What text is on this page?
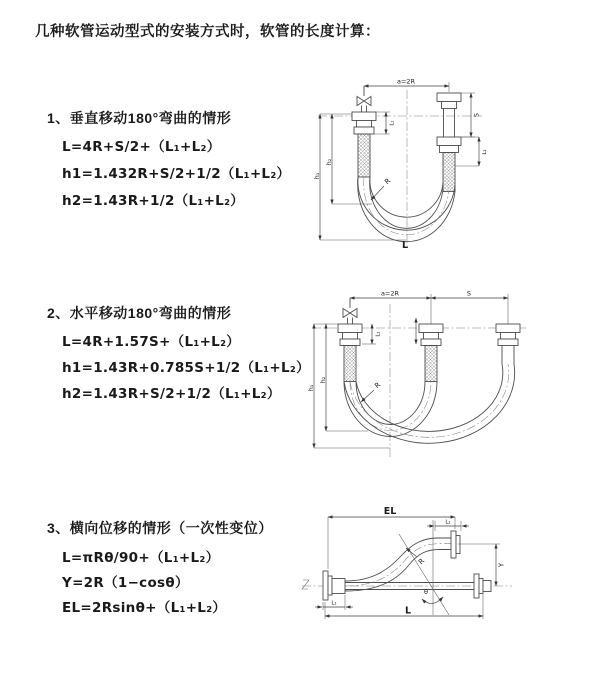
几种软管运动型式的安装方式时，软管的长度计算：
1、垂直移动180°弯曲的情形
L=4R+S/2+（L₁+L₂）
h1=1.432R+S/2+1/2（L₁+L₂）
h2=1.43R+1/2（L₁+L₂）
2、水平移动180°弯曲的情形
L=4R+1.57S+（L₁+L₂）
h1=1.43R+0.785S+1/2（L₁+L₂）
h2=1.43R+S/2+1/2（L₁+L₂）
3、横向位移的情形（一次性变位）
L=πRθ/90+（L₁+L₂）
Y=2R（1−cosθ）
EL=2Rsinθ+（L₁+L₂）
a=2R
h₁
h₂
L₁
S
L₂
R
L
a=2R	S
h₁
h₂
L₁
R
EL
L₂
Y
θ
R
L
L₁
